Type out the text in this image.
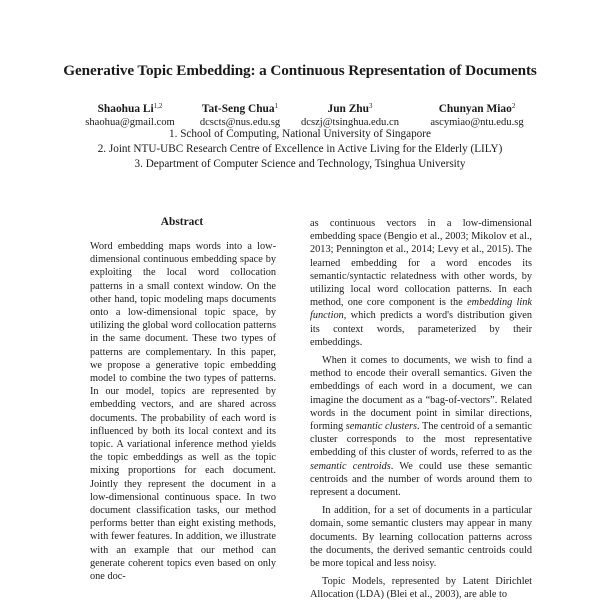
Generative Topic Embedding: a Continuous Representation of Documents
Shaohua Li$^{1,2}$
shaohua@gmail.com
Tat-Seng Chua$^1$
dcscts@nus.edu.sg
Jun Zhu$^3$
dcszj@tsinghua.edu.cn
Chunyan Miao$^2$
ascymiao@ntu.edu.sg
1. School of Computing, National University of Singapore
2. Joint NTU-UBC Research Centre of Excellence in Active Living for the Elderly (LILY)
3. Department of Computer Science and Technology, Tsinghua University
Abstract

Word embedding maps words into a low-dimensional continuous embedding space by exploiting the local word collocation patterns in a small context window. On the other hand, topic modeling maps documents onto a low-dimensional topic space, by utilizing the global word collocation patterns in the same document. These two types of patterns are complementary. In this paper, we propose a generative topic embedding model to combine the two types of patterns. In our model, topics are represented by embedding vectors, and are shared across documents. The probability of each word is influenced by both its local context and its topic. A variational inference method yields the topic embeddings as well as the topic mixing proportions for each document. Jointly they represent the document in a low-dimensional continuous space. In two document classification tasks, our method performs better than eight existing methods, with fewer features. In addition, we illustrate with an example that our method can generate coherent topics even based on only one doc-

as continuous vectors in a low-dimensional embedding space (Bengio et al., 2003; Mikolov et al., 2013; Pennington et al., 2014; Levy et al., 2015). The learned embedding for a word encodes its semantic/syntactic relatedness with other words, by utilizing local word collocation patterns. In each method, one core component is the embedding link function, which predicts a word's distribution given its context words, parameterized by their embeddings.

When it comes to documents, we wish to find a method to encode their overall semantics. Given the embeddings of each word in a document, we can imagine the document as a “bag-of-vectors”. Related words in the document point in similar directions, forming semantic clusters. The centroid of a semantic cluster corresponds to the most representative embedding of this cluster of words, referred to as the semantic centroids. We could use these semantic centroids and the number of words around them to represent a document.

In addition, for a set of documents in a particular domain, some semantic clusters may appear in many documents. By learning collocation patterns across the documents, the derived semantic centroids could be more topical and less noisy.

Topic Models, represented by Latent Dirichlet Allocation (LDA) (Blei et al., 2003), are able to
